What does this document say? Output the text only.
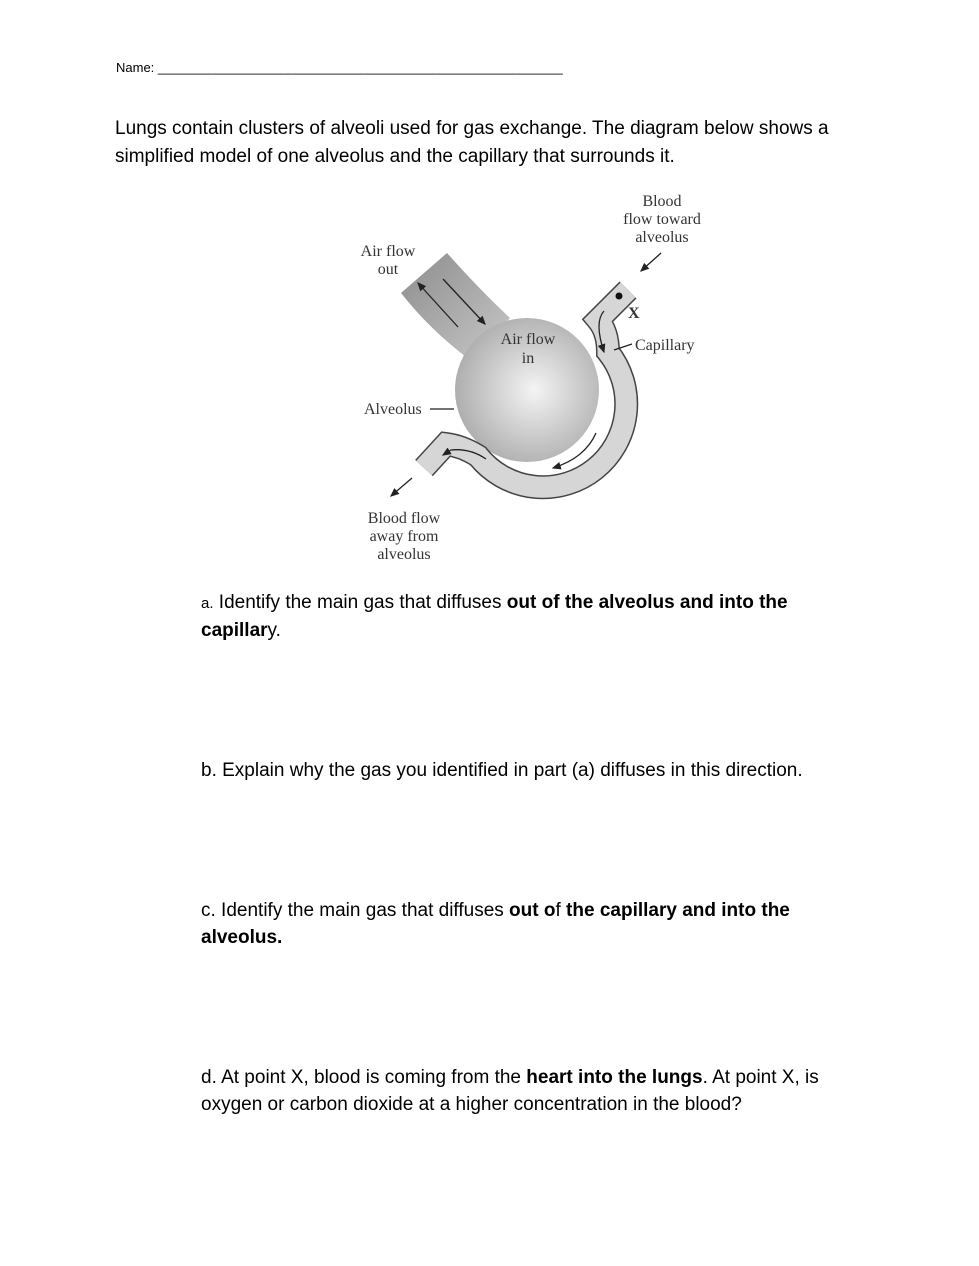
Name: ________________________________________________________
Lungs contain clusters of alveoli used for gas exchange. The diagram below shows a simplified model of one alveolus and the capillary that surrounds it.
Air flow out
Air flow in
Blood flow toward alveolus
X
Capillary
Alveolus
Blood flow away from alveolus
a. Identify the main gas that diffuses out of the alveolus and into the capillary.
b. Explain why the gas you identified in part (a) diffuses in this direction.
c. Identify the main gas that diffuses out of the capillary and into the alveolus.
d. At point X, blood is coming from the heart into the lungs. At point X, is oxygen or carbon dioxide at a higher concentration in the blood?
